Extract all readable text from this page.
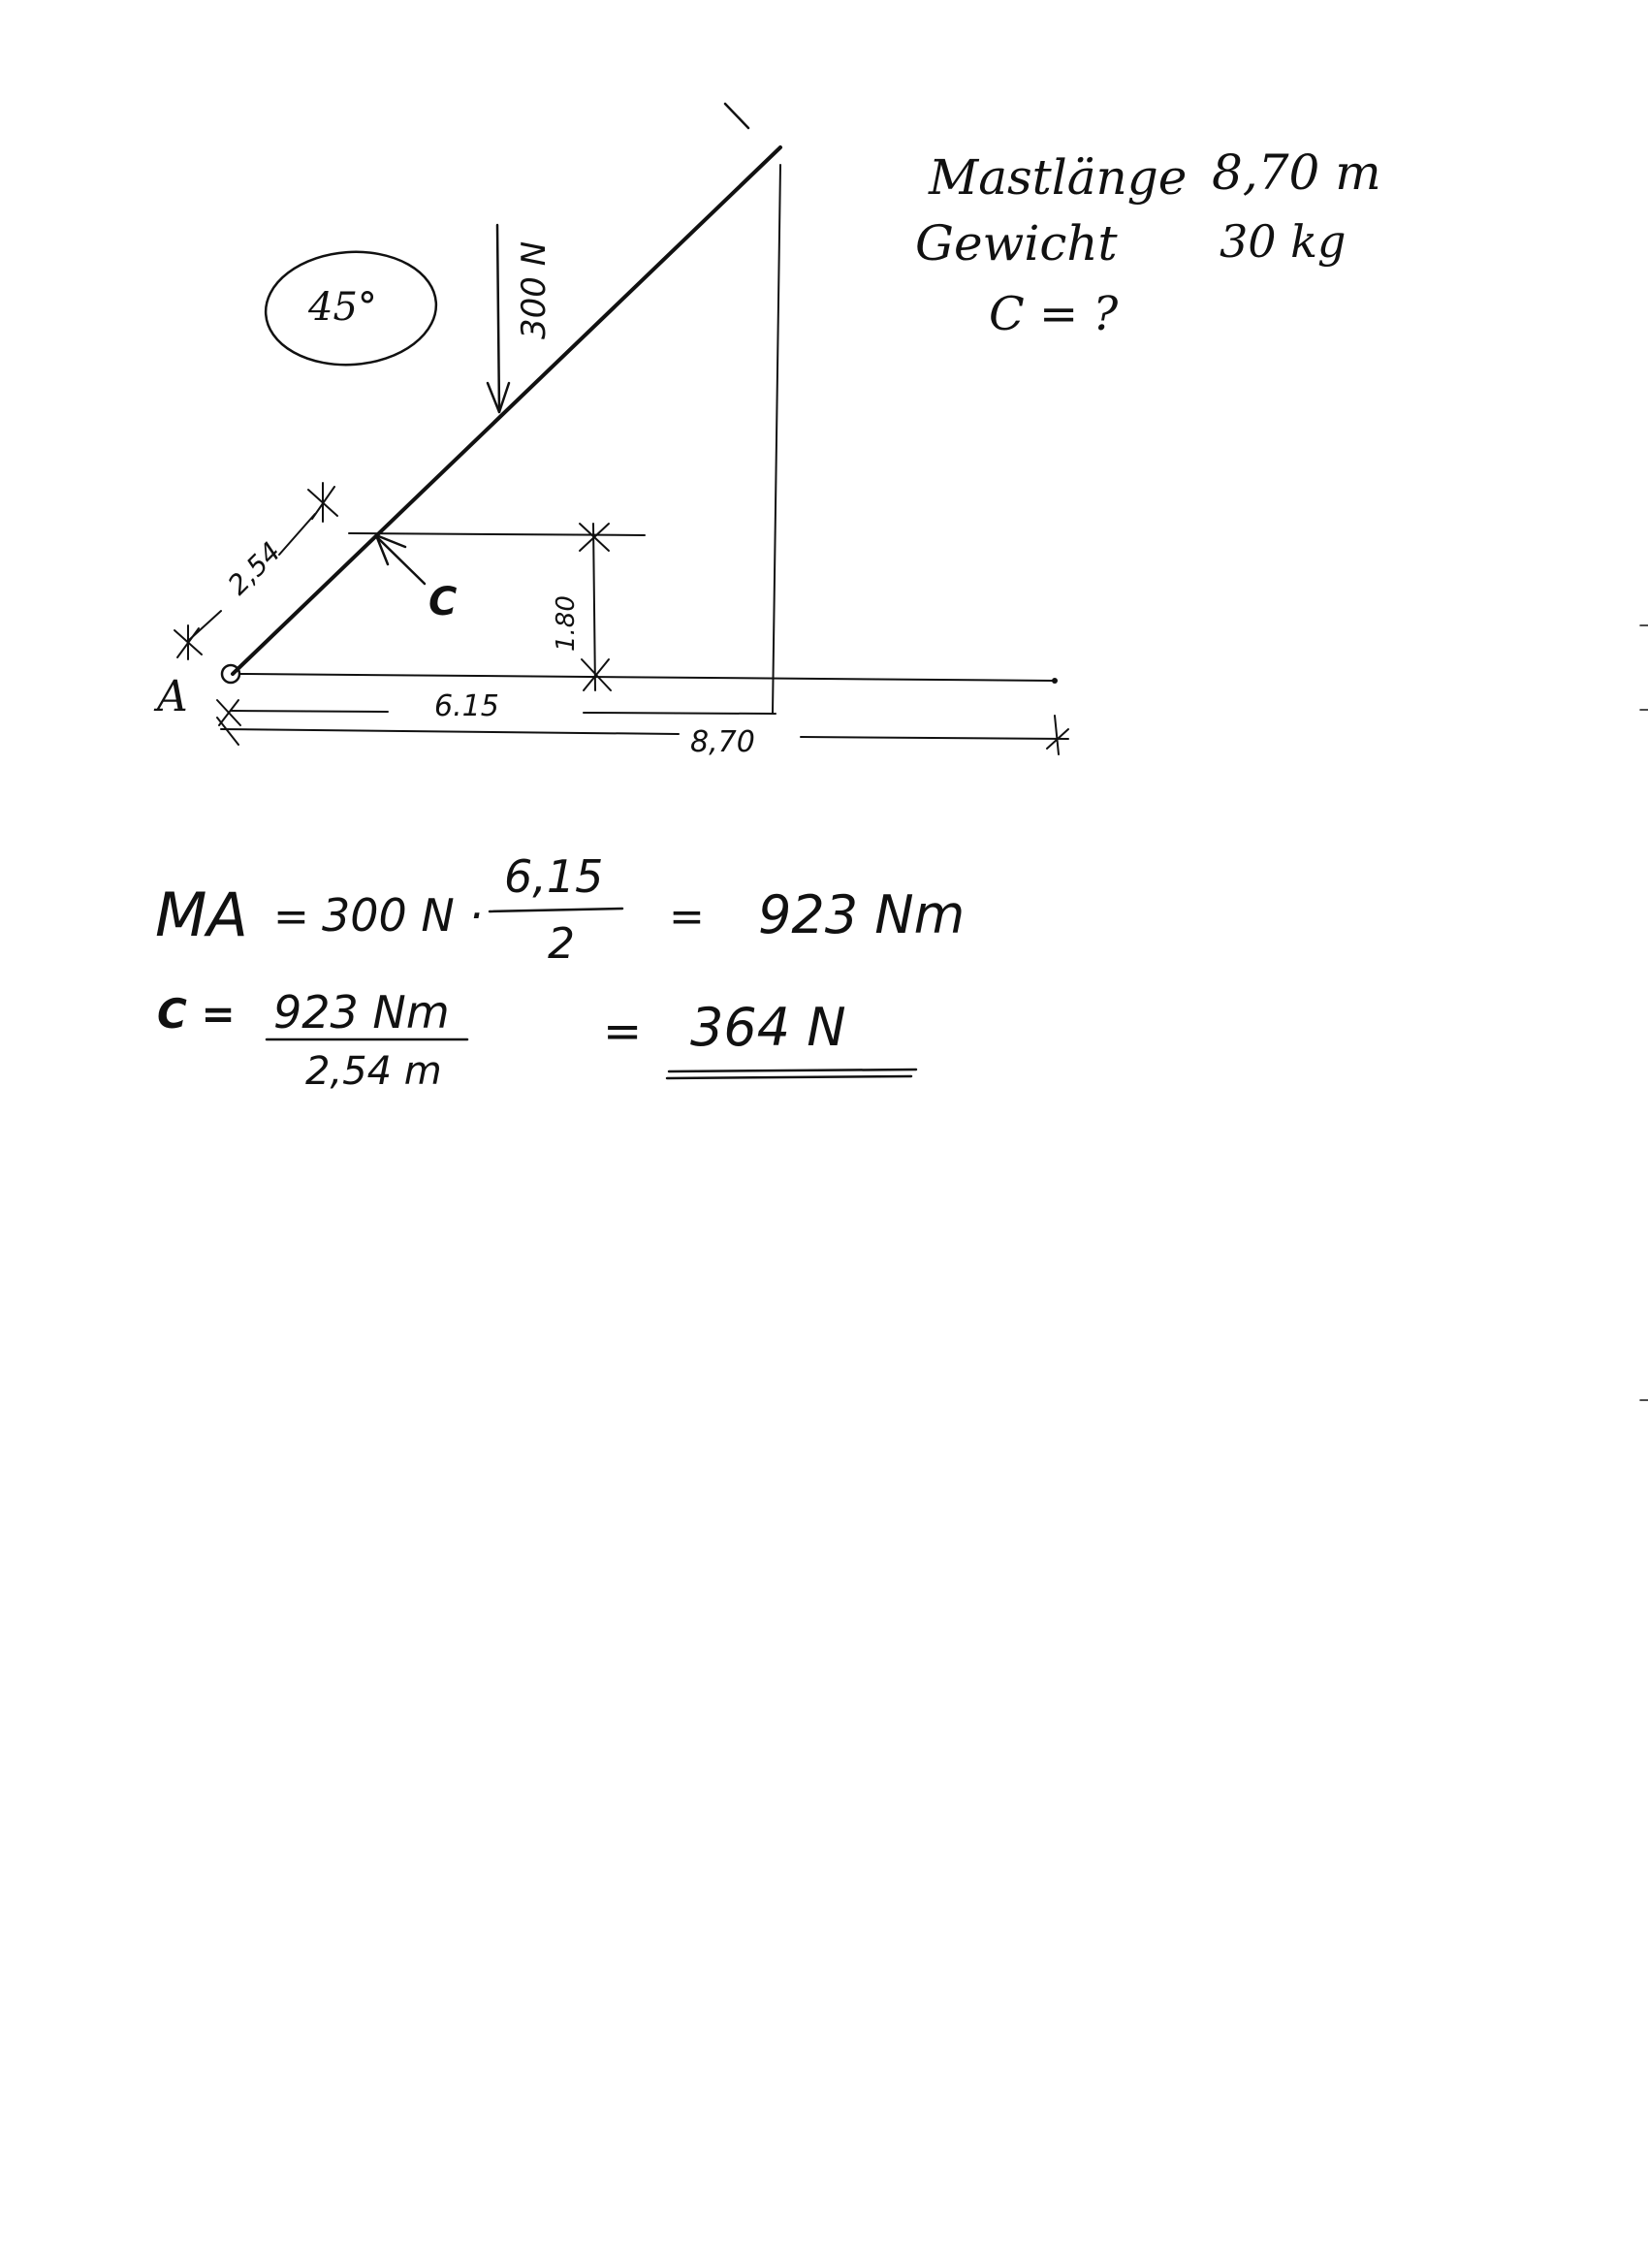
A
45°	300 N
C	1.80
2,54
6.15
8,70
Mastlänge 8,70 m
Gewicht 30 kg
C = ?
MA = 300 N ·
6,15
2
= 923 Nm
C = 923 Nm
2,54 m
= 364 N
